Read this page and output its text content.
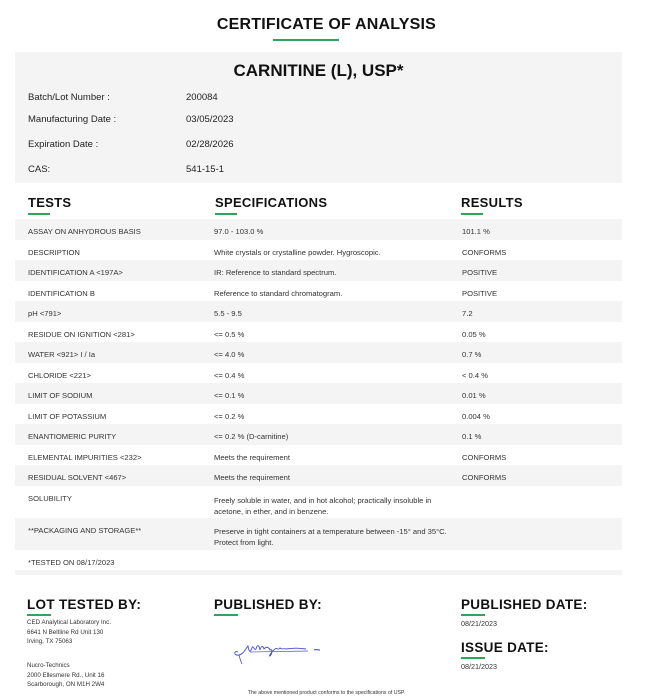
CERTIFICATE OF ANALYSIS
CARNITINE (L), USP*
Batch/Lot Number :	200084
Manufacturing Date :	03/05/2023
Expiration Date :	02/28/2026
CAS:	541-15-1
TESTS	SPECIFICATIONS	RESULTS
ASSAY ON ANHYDROUS BASIS	97.0 - 103.0 %	101.1 %
DESCRIPTION	White crystals or crystalline powder. Hygroscopic.	CONFORMS
IDENTIFICATION A <197A>	IR: Reference to standard spectrum.	POSITIVE
IDENTIFICATION B	Reference to standard chromatogram.	POSITIVE
pH <791>	5.5 - 9.5	7.2
RESIDUE ON IGNITION <281>	<= 0.5 %	0.05 %
WATER <921> I / Ia	<= 4.0 %	0.7 %
CHLORIDE <221>	<= 0.4 %	< 0.4 %
LIMIT OF SODIUM	<= 0.1 %	0.01 %
LIMIT OF POTASSIUM	<= 0.2 %	0.004 %
ENANTIOMERIC PURITY	<= 0.2 % (D-carnitine)	0.1 %
ELEMENTAL IMPURITIES <232>	Meets the requirement	CONFORMS
RESIDUAL SOLVENT <467>	Meets the requirement	CONFORMS
SOLUBILITY	Freely soluble in water, and in hot alcohol; practically insoluble in acetone, in ether, and in benzene.
**PACKAGING AND STORAGE**	Preserve in tight containers at a temperature between -15° and 35°C. Protect from light.
*TESTED ON 08/17/2023
LOT TESTED BY:
CED Analytical Laboratory Inc.
6641 N Beltline Rd Unit 130
Irving, TX 75063
Nucro-Technics
2000 Ellesmere Rd., Unit 16
Scarborough, ON M1H 2W4
PUBLISHED BY:	PUBLISHED DATE:
08/21/2023
ISSUE DATE:
08/21/2023
The above mentioned product conforms to the specifications of USP.
